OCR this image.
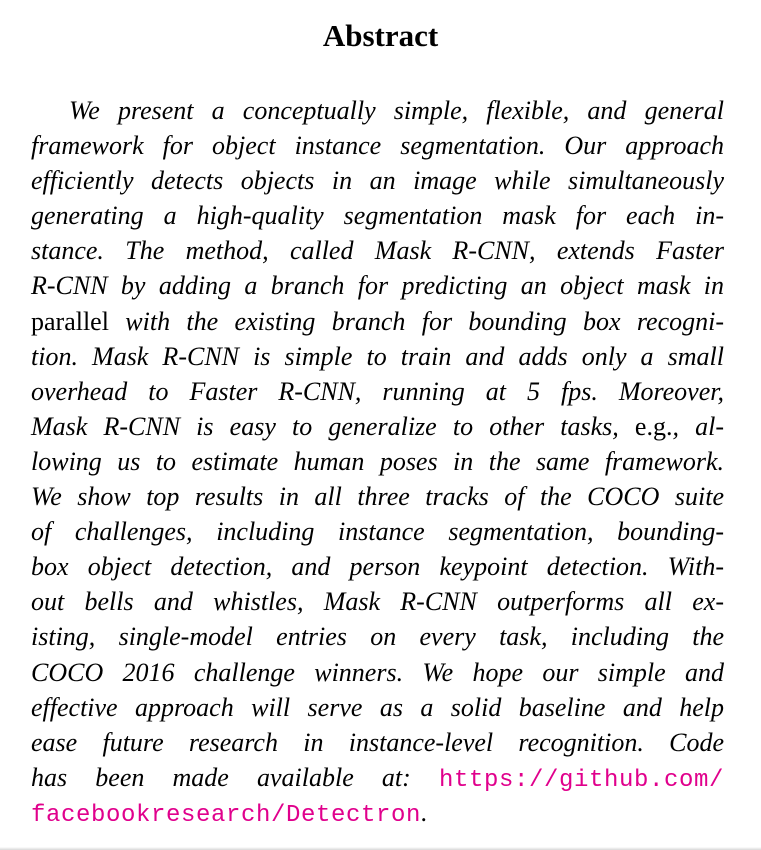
Abstract
We present a conceptually simple, flexible, and general
framework for object instance segmentation. Our approach
efficiently detects objects in an image while simultaneously
generating a high-quality segmentation mask for each in-
stance. The method, called Mask R-CNN, extends Faster
R-CNN by adding a branch for predicting an object mask in
parallel with the existing branch for bounding box recogni-
tion. Mask R-CNN is simple to train and adds only a small
overhead to Faster R-CNN, running at 5 fps. Moreover,
Mask R-CNN is easy to generalize to other tasks, e.g., al-
lowing us to estimate human poses in the same framework.
We show top results in all three tracks of the COCO suite
of challenges, including instance segmentation, bounding-
box object detection, and person keypoint detection. With-
out bells and whistles, Mask R-CNN outperforms all ex-
isting, single-model entries on every task, including the
COCO 2016 challenge winners. We hope our simple and
effective approach will serve as a solid baseline and help
ease future research in instance-level recognition. Code
has been made available at: https://github.com/
facebookresearch/Detectron.
